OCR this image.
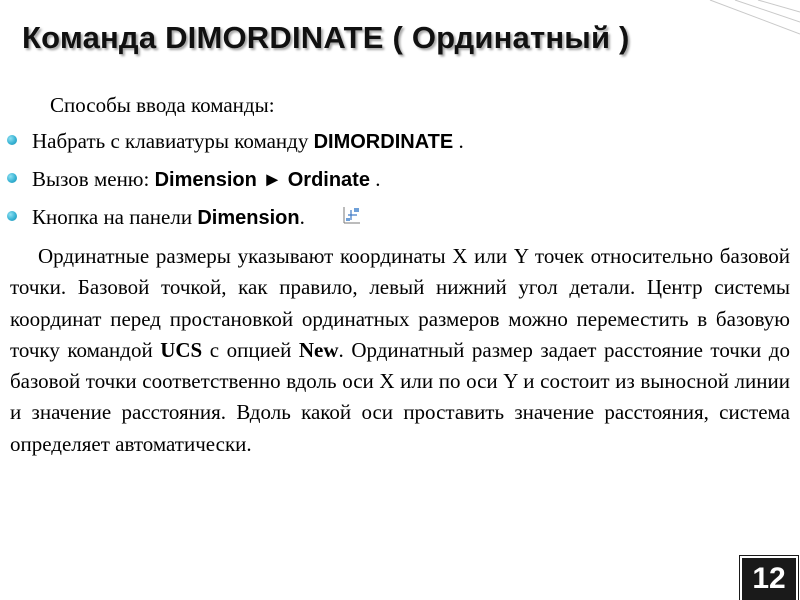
Команда DIMORDINATE ( Ординатный )
Способы ввода команды:
Набрать с клавиатуры команду DIMORDINATE .
Вызов меню: Dimension ► Ordinate .
Кнопка на панели Dimension.
Ординатные размеры указывают координаты X или Y точек относительно базовой точки. Базовой точкой, как правило, левый нижний угол детали. Центр системы координат перед простановкой ординатных размеров можно переместить в базовую точку командой UCS с опцией New. Ординатный размер задает расстояние точки до базовой точки соответственно вдоль оси X или по оси Y и состоит из выносной линии и значение расстояния. Вдоль какой оси проставить значение расстояния, система определяет автоматически.
12
